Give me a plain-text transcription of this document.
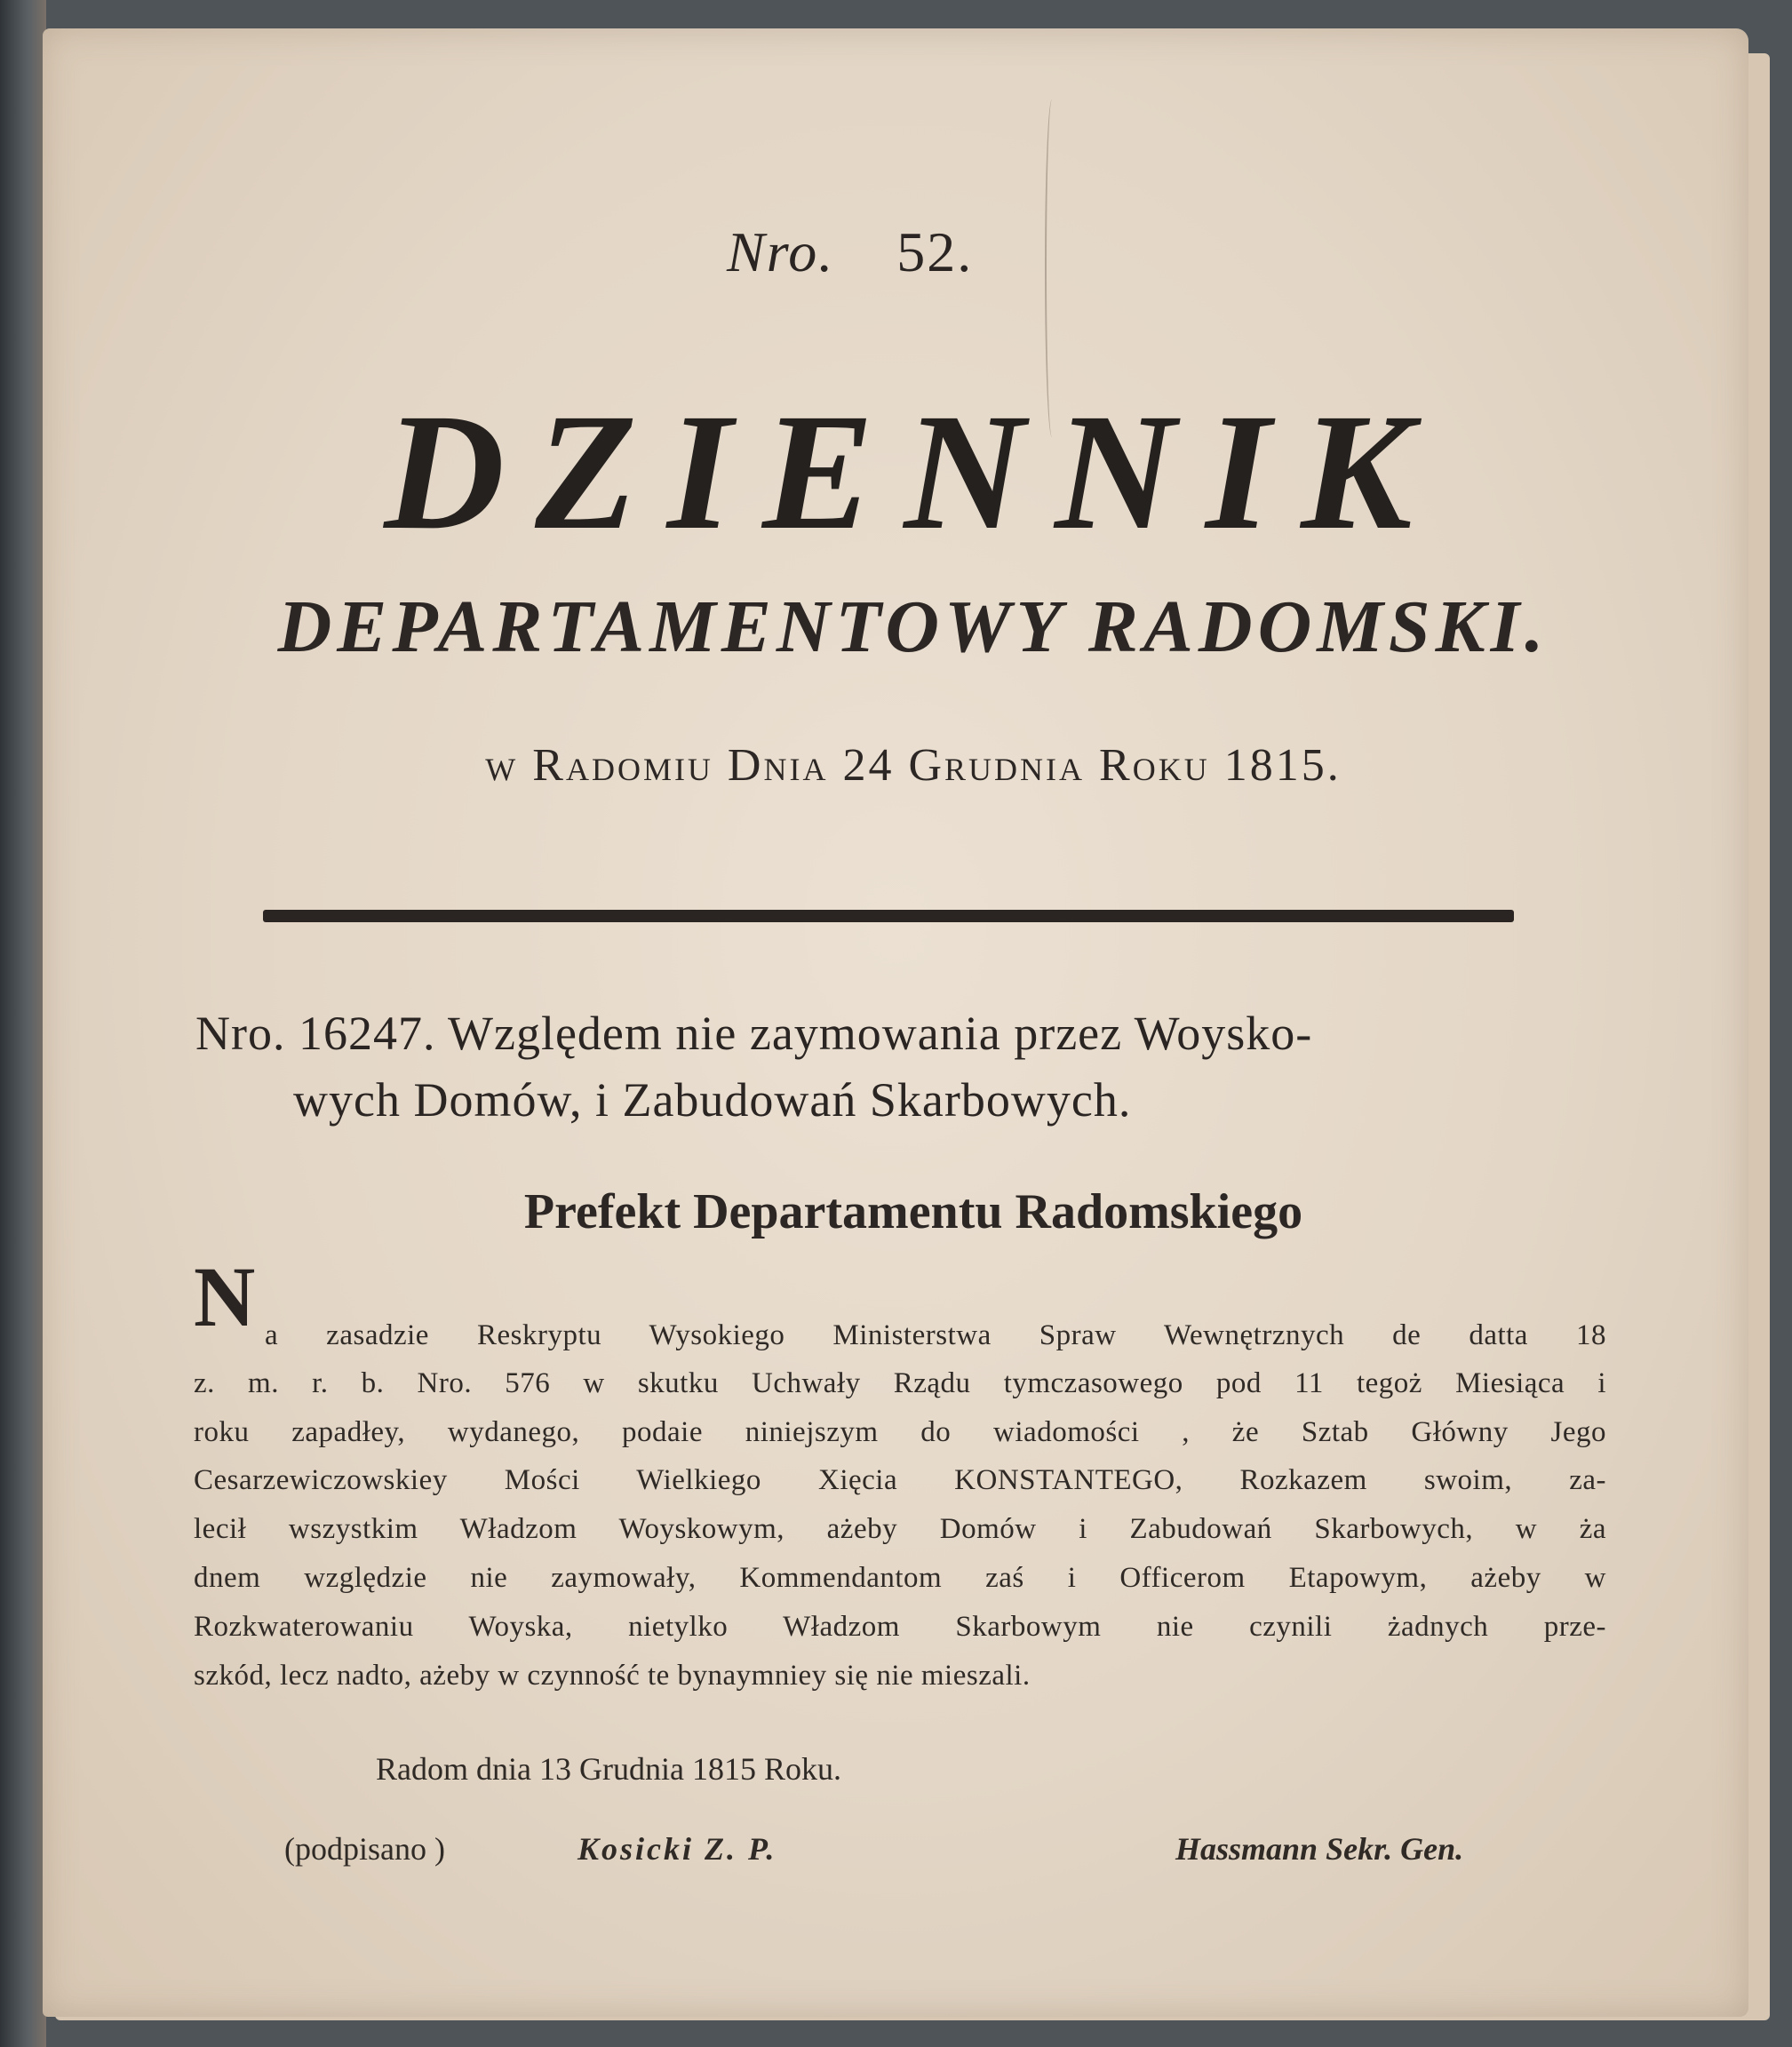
Nro. 52.
DZIENNIK
DEPARTAMENTOWY RADOMSKI.
w Radomiu Dnia 24 Grudnia Roku 1815.
Nro. 16247. Względem nie zaymowania przez Woysko-
wych Domów, i Zabudowań Skarbowych.
Prefekt Departamentu Radomskiego
N a zasadzie Reskryptu Wysokiego Ministerstwa Spraw Wewnętrznych de datta 18
z. m. r. b. Nro. 576 w skutku Uchwały Rządu tymczasowego pod 11 tegoż Miesiąca i
roku zapadłey, wydanego, podaie niniejszym do wiadomości , że Sztab Główny Jego
Cesarzewiczowskiey Mości Wielkiego Xięcia KONSTANTEGO, Rozkazem swoim, za-
lecił wszystkim Władzom Woyskowym, ażeby Domów i Zabudowań Skarbowych, w ża
dnem względzie nie zaymowały, Kommendantom zaś i Officerom Etapowym, ażeby w
Rozkwaterowaniu Woyska, nietylko Władzom Skarbowym nie czynili żadnych prze-
szkód, lecz nadto, ażeby w czynność te bynaymniey się nie mieszali.
Radom dnia 13 Grudnia 1815 Roku.
(podpisano )	Kosicki Z. P.	Hassmann Sekr. Gen.
